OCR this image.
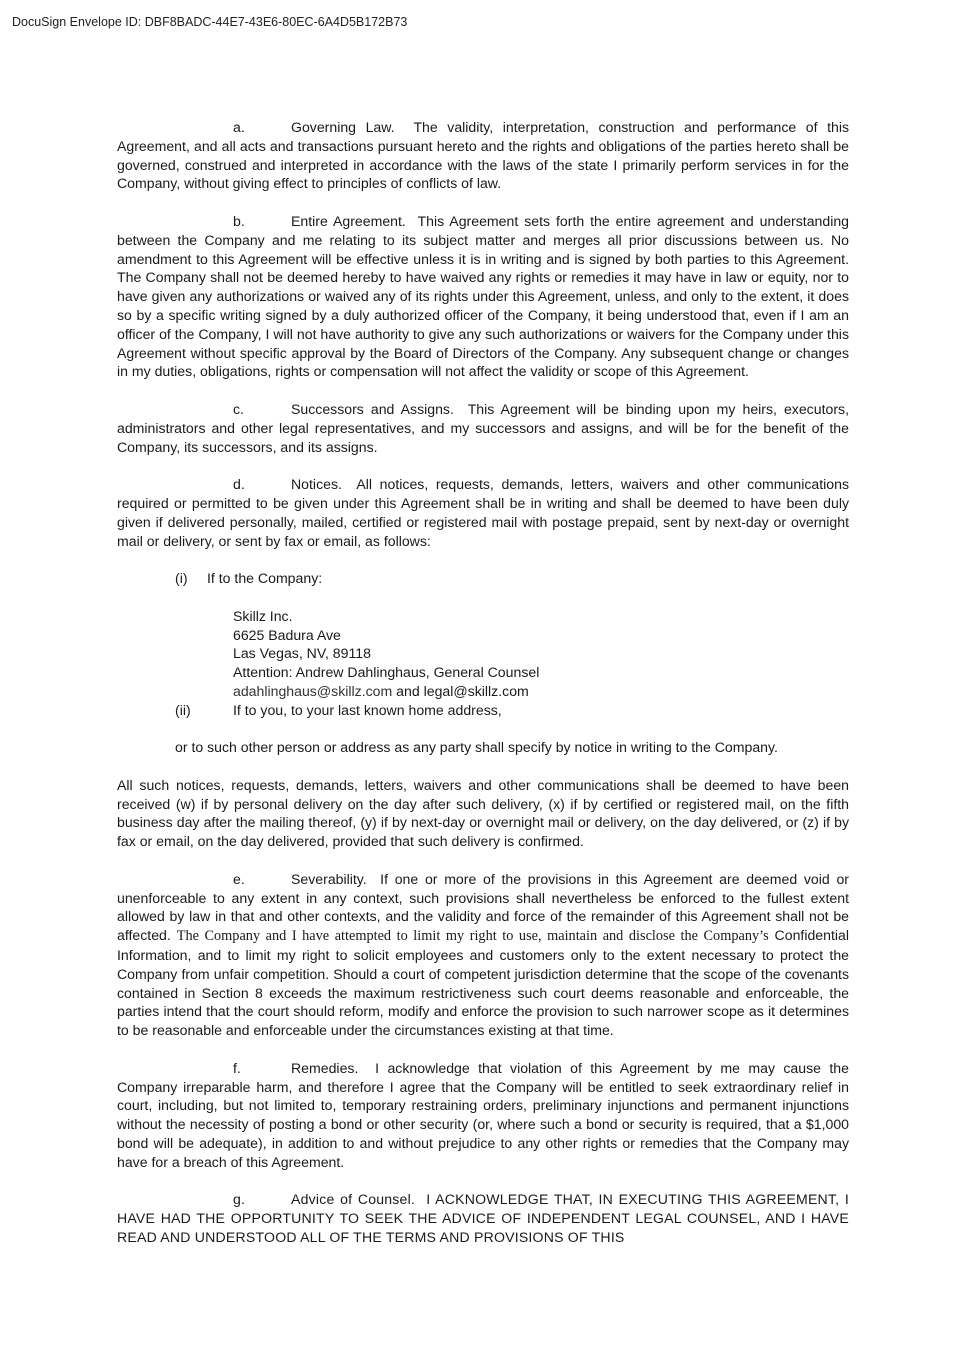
DocuSign Envelope ID: DBF8BADC-44E7-43E6-80EC-6A4D5B172B73

a.	Governing Law. The validity, interpretation, construction and performance of this Agreement, and all acts and transactions pursuant hereto and the rights and obligations of the parties hereto shall be governed, construed and interpreted in accordance with the laws of the state I primarily perform services in for the Company, without giving effect to principles of conflicts of law.

b.	Entire Agreement. This Agreement sets forth the entire agreement and understanding between the Company and me relating to its subject matter and merges all prior discussions between us. No amendment to this Agreement will be effective unless it is in writing and is signed by both parties to this Agreement. The Company shall not be deemed hereby to have waived any rights or remedies it may have in law or equity, nor to have given any authorizations or waived any of its rights under this Agreement, unless, and only to the extent, it does so by a specific writing signed by a duly authorized officer of the Company, it being understood that, even if I am an officer of the Company, I will not have authority to give any such authorizations or waivers for the Company under this Agreement without specific approval by the Board of Directors of the Company. Any subsequent change or changes in my duties, obligations, rights or compensation will not affect the validity or scope of this Agreement.

c.	Successors and Assigns. This Agreement will be binding upon my heirs, executors, administrators and other legal representatives, and my successors and assigns, and will be for the benefit of the Company, its successors, and its assigns.

d.	Notices. All notices, requests, demands, letters, waivers and other communications required or permitted to be given under this Agreement shall be in writing and shall be deemed to have been duly given if delivered personally, mailed, certified or registered mail with postage prepaid, sent by next-day or overnight mail or delivery, or sent by fax or email, as follows:

(i) If to the Company:
Skillz Inc.
6625 Badura Ave
Las Vegas, NV, 89118
Attention: Andrew Dahlinghaus, General Counsel
adahlinghaus@skillz.com and legal@skillz.com
(ii)	If to you, to your last known home address,
or to such other person or address as any party shall specify by notice in writing to the Company.

All such notices, requests, demands, letters, waivers and other communications shall be deemed to have been received (w) if by personal delivery on the day after such delivery, (x) if by certified or registered mail, on the fifth business day after the mailing thereof, (y) if by next-day or overnight mail or delivery, on the day delivered, or (z) if by fax or email, on the day delivered, provided that such delivery is confirmed.

e.	Severability. If one or more of the provisions in this Agreement are deemed void or unenforceable to any extent in any context, such provisions shall nevertheless be enforced to the fullest extent allowed by law in that and other contexts, and the validity and force of the remainder of this Agreement shall not be affected. The Company and I have attempted to limit my right to use, maintain and disclose the Company’s Confidential Information, and to limit my right to solicit employees and customers only to the extent necessary to protect the Company from unfair competition. Should a court of competent jurisdiction determine that the scope of the covenants contained in Section 8 exceeds the maximum restrictiveness such court deems reasonable and enforceable, the parties intend that the court should reform, modify and enforce the provision to such narrower scope as it determines to be reasonable and enforceable under the circumstances existing at that time.

f.	Remedies. I acknowledge that violation of this Agreement by me may cause the Company irreparable harm, and therefore I agree that the Company will be entitled to seek extraordinary relief in court, including, but not limited to, temporary restraining orders, preliminary injunctions and permanent injunctions without the necessity of posting a bond or other security (or, where such a bond or security is required, that a $1,000 bond will be adequate), in addition to and without prejudice to any other rights or remedies that the Company may have for a breach of this Agreement.

g.	Advice of Counsel. I ACKNOWLEDGE THAT, IN EXECUTING THIS AGREEMENT, I HAVE HAD THE OPPORTUNITY TO SEEK THE ADVICE OF INDEPENDENT LEGAL COUNSEL, AND I HAVE READ AND UNDERSTOOD ALL OF THE TERMS AND PROVISIONS OF THIS
